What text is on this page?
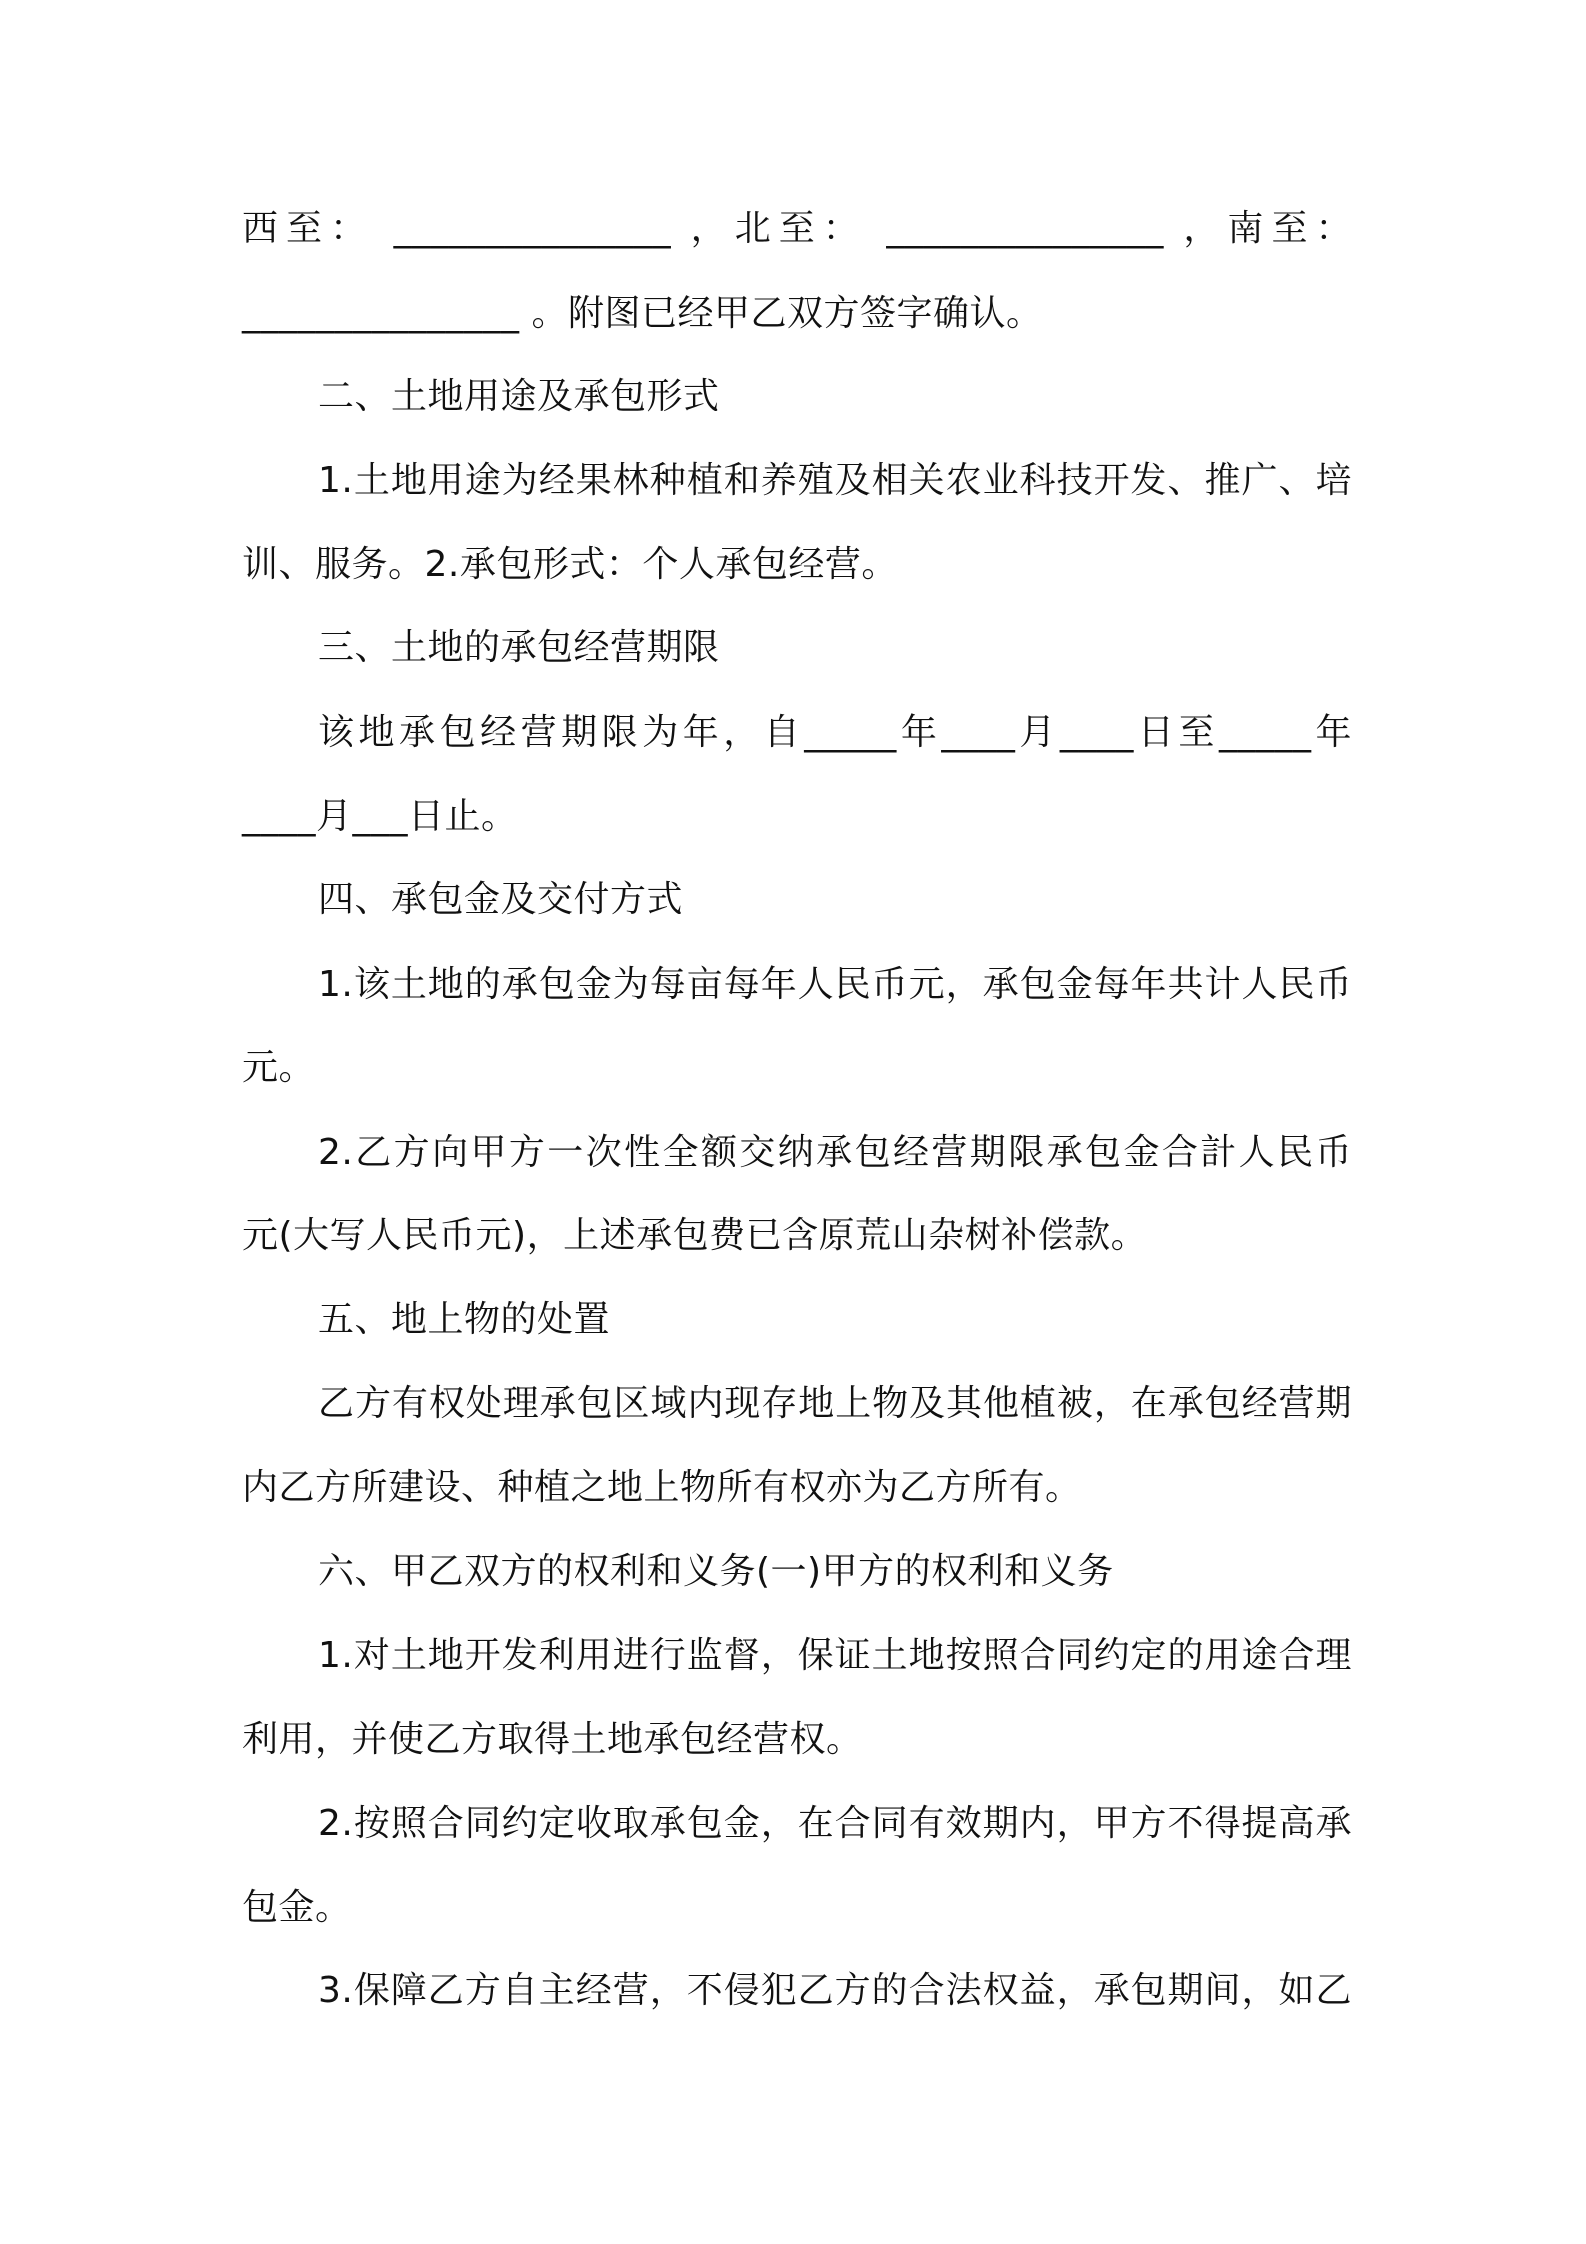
西至： _______________ ，北至： _______________ ，南至：
_______________ 。附图已经甲乙双方签字确认。
二、土地用途及承包形式
1.土地用途为经果林种植和养殖及相关农业科技开发、推广、培
训、服务。2.承包形式：个人承包经营。
三、土地的承包经营期限
该地承包经营期限为年，自_____年____月____日至_____年
____月___日止。
四、承包金及交付方式
1.该土地的承包金为每亩每年人民币元，承包金每年共计人民币
元。
2.乙方向甲方一次性全额交纳承包经营期限承包金合計人民币
元(大写人民币元)，上述承包费已含原荒山杂树补偿款。
五、地上物的处置
乙方有权处理承包区域内现存地上物及其他植被，在承包经营期
内乙方所建设、种植之地上物所有权亦为乙方所有。
六、甲乙双方的权利和义务(一)甲方的权利和义务
1.对土地开发利用进行监督，保证土地按照合同约定的用途合理
利用，并使乙方取得土地承包经营权。
2.按照合同约定收取承包金，在合同有效期内，甲方不得提高承
包金。
3.保障乙方自主经营，不侵犯乙方的合法权益，承包期间，如乙
